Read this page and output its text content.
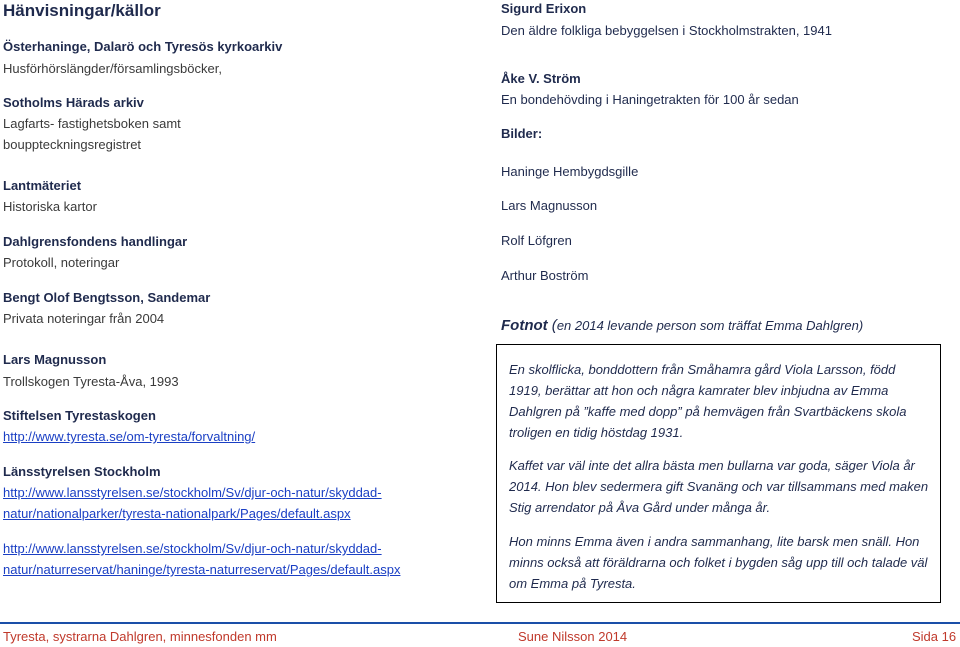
Hänvisningar/källor
Österhaninge, Dalarö och Tyresös kyrkoarkiv
Husförhörslängder/församlingsböcker,
Sotholms Härads arkiv
Lagfarts- fastighetsboken samt
bouppteckningsregistret
Lantmäteriet
Historiska kartor
Dahlgrensfondens handlingar
Protokoll, noteringar
Bengt Olof Bengtsson, Sandemar
Privata noteringar från 2004
Lars Magnusson
Trollskogen Tyresta-Åva, 1993
Stiftelsen Tyrestaskogen
http://www.tyresta.se/om-tyresta/forvaltning/
Länsstyrelsen Stockholm
http://www.lansstyrelsen.se/stockholm/Sv/djur-och-natur/skyddad-
natur/nationalparker/tyresta-nationalpark/Pages/default.aspx
http://www.lansstyrelsen.se/stockholm/Sv/djur-och-natur/skyddad-
natur/naturreservat/haninge/tyresta-naturreservat/Pages/default.aspx
Sigurd Erixon
Den äldre folkliga bebyggelsen i Stockholmstrakten, 1941
Åke V. Ström
En bondehövding i Haningetrakten för 100 år sedan
Bilder:
Haninge Hembygdsgille
Lars Magnusson
Rolf Löfgren
Arthur Boström
Fotnot (en 2014 levande person som träffat Emma Dahlgren)
En skolflicka, bonddottern från Småhamra gård Viola Larsson, född 1919, berättar att hon och några kamrater blev inbjudna av Emma Dahlgren på ”kaffe med dopp” på hemvägen från Svartbäckens skola troligen en tidig höstdag 1931.
Kaffet var väl inte det allra bästa men bullarna var goda, säger Viola år 2014. Hon blev sedermera gift Svanäng och var tillsammans med maken Stig arrendator på Åva Gård under många år.
Hon minns Emma även i andra sammanhang, lite barsk men snäll. Hon minns också att föräldrarna och folket i bygden såg upp till och talade väl om Emma på Tyresta.
Tyresta, systrarna Dahlgren, minnesfonden mm	Sune Nilsson 2014	Sida 16
